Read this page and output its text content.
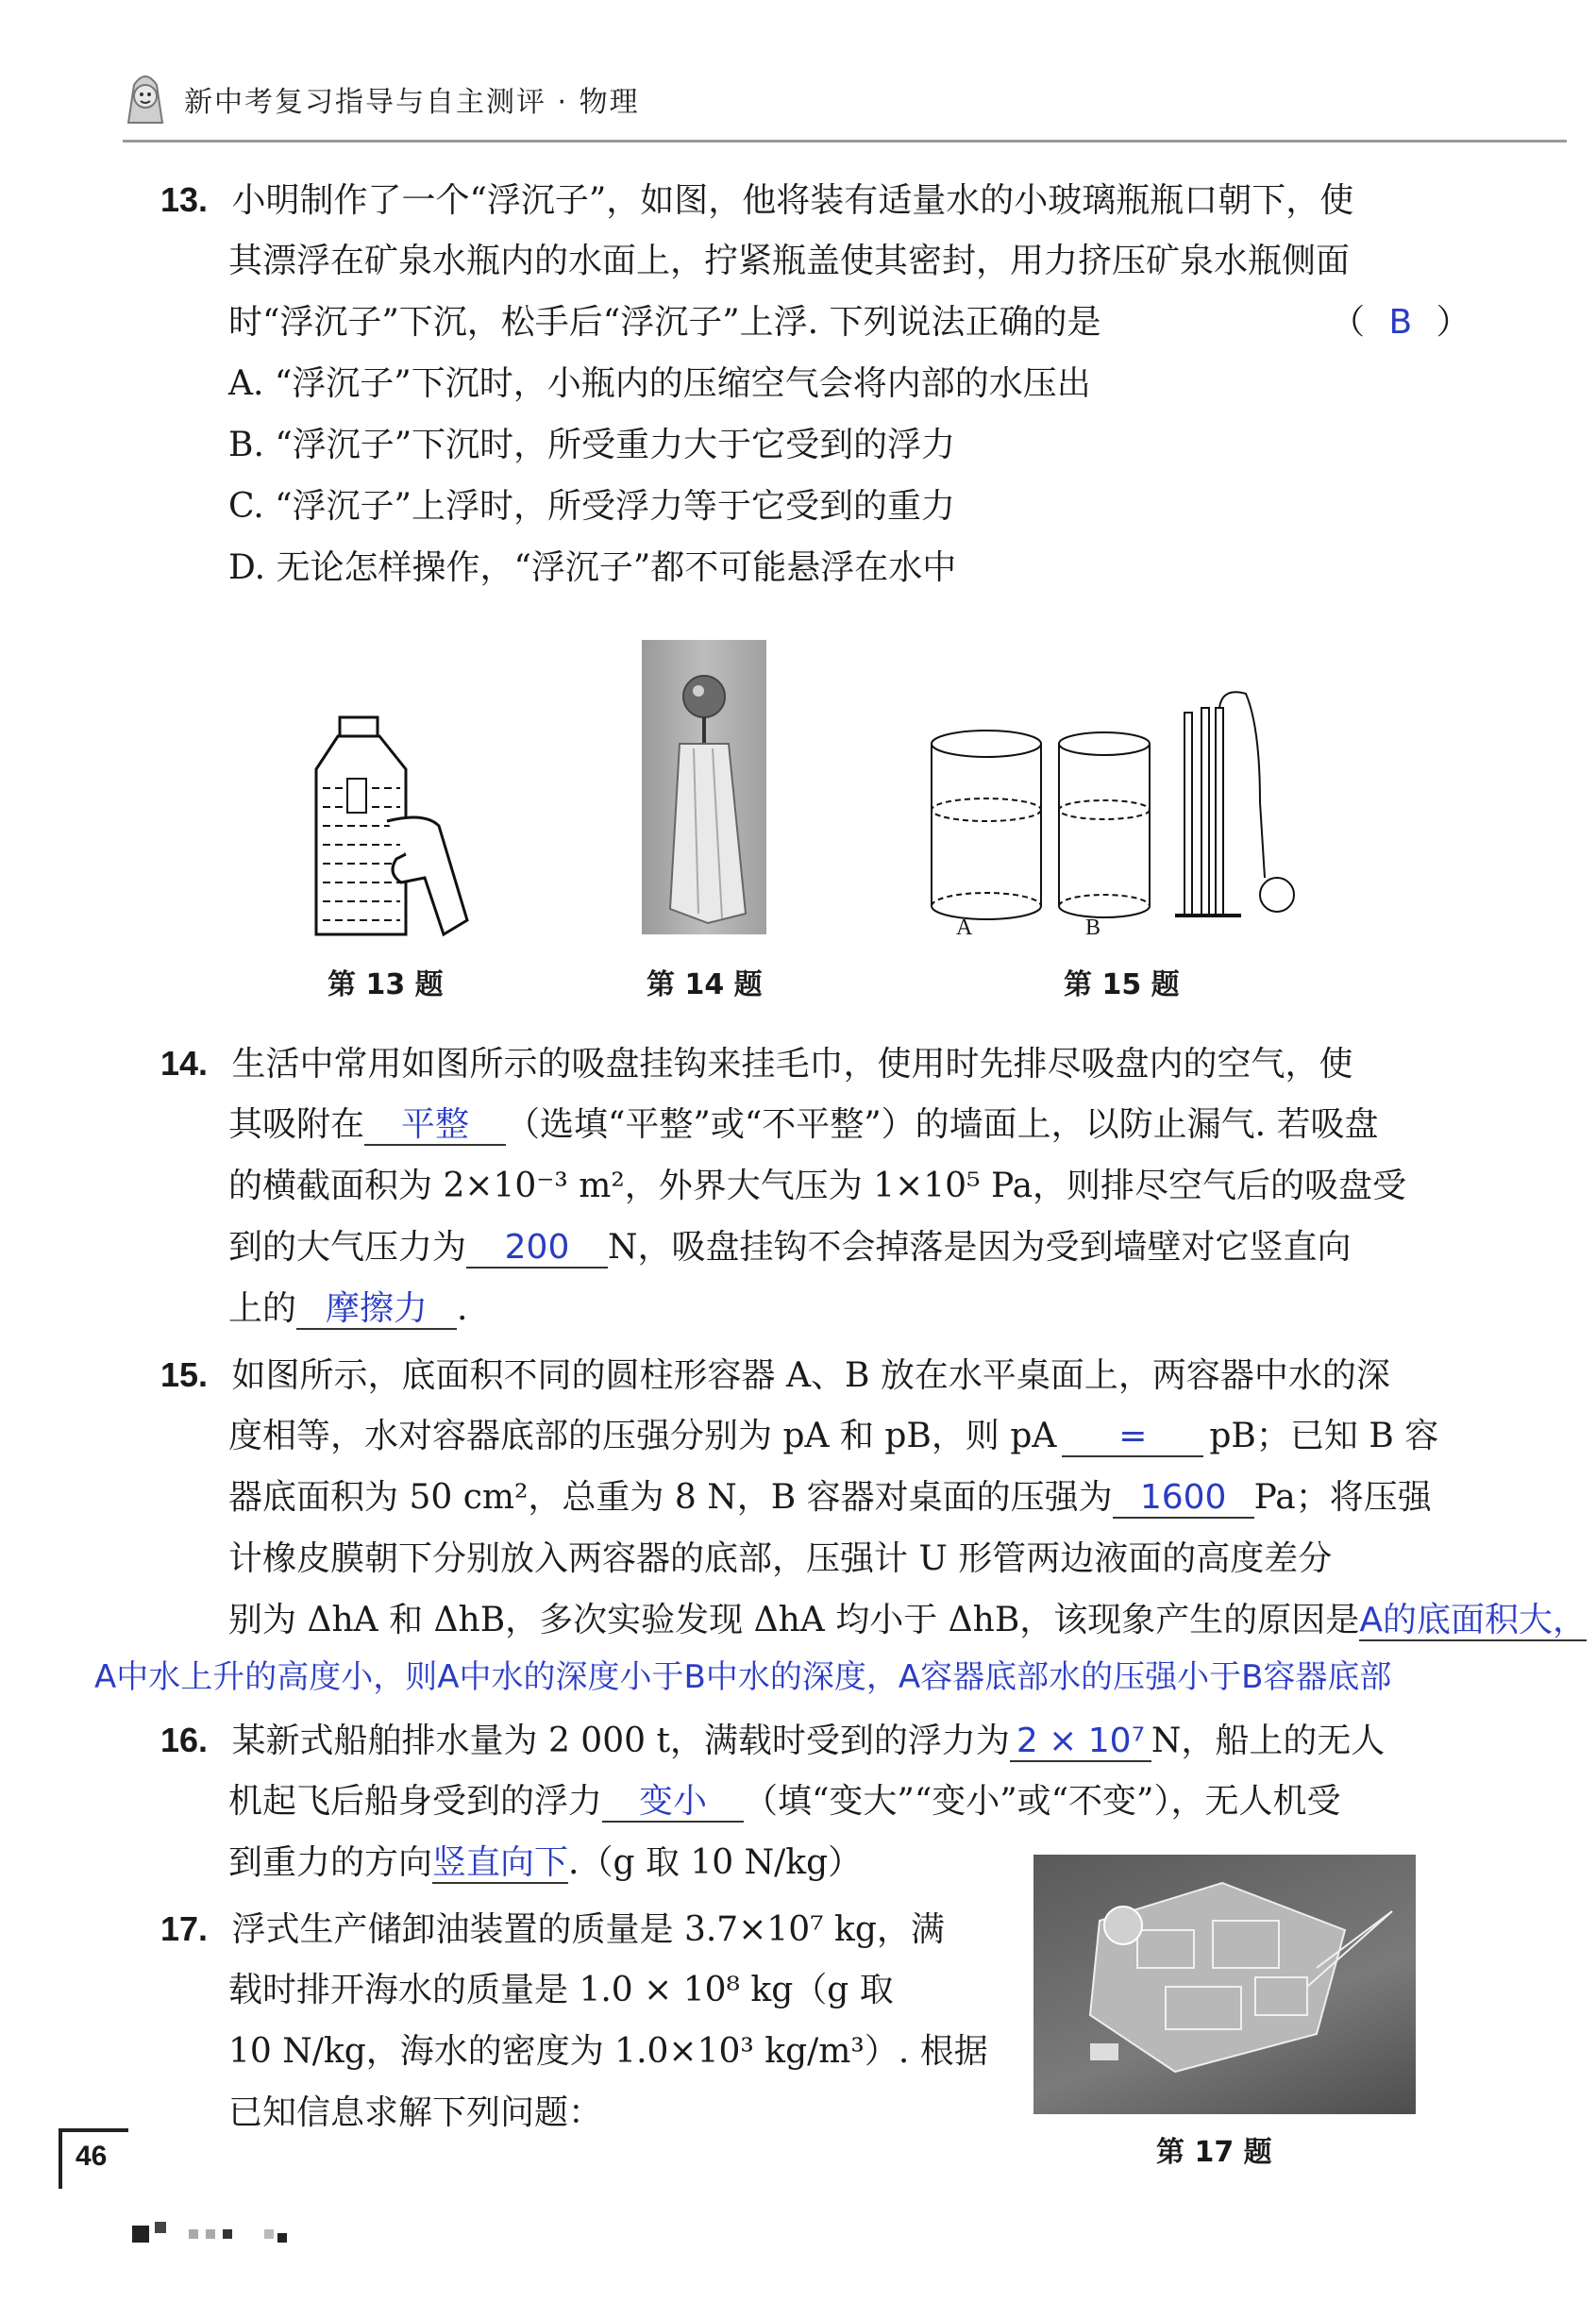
新中考复习指导与自主测评 · 物理
13. 小明制作了一个“浮沉子”，如图，他将装有适量水的小玻璃瓶瓶口朝下，使
其漂浮在矿泉水瓶内的水面上，拧紧瓶盖使其密封，用力挤压矿泉水瓶侧面
时“浮沉子”下沉，松手后“浮沉子”上浮. 下列说法正确的是	（ B ）
A. “浮沉子”下沉时，小瓶内的压缩空气会将内部的水压出
B. “浮沉子”下沉时，所受重力大于它受到的浮力
C. “浮沉子”上浮时，所受浮力等于它受到的重力
D. 无论怎样操作，“浮沉子”都不可能悬浮在水中
第 13 题	第 14 题
A	B
第 15 题
14. 生活中常用如图所示的吸盘挂钩来挂毛巾，使用时先排尽吸盘内的空气，使
其吸附在 平整 （选填“平整”或“不平整”）的墙面上，以防止漏气. 若吸盘
的横截面积为 2×10⁻³ m²，外界大气压为 1×10⁵ Pa，则排尽空气后的吸盘受
到的大气压力为 200 N，吸盘挂钩不会掉落是因为受到墙壁对它竖直向
上的 摩擦力 .
15. 如图所示，底面积不同的圆柱形容器 A、B 放在水平桌面上，两容器中水的深
度相等，水对容器底部的压强分别为 pA 和 pB，则 pA = pB；已知 B 容
器底面积为 50 cm²，总重为 8 N，B 容器对桌面的压强为 1600 Pa；将压强
计橡皮膜朝下分别放入两容器的底部，压强计 U 形管两边液面的高度差分
别为 ΔhA 和 ΔhB，多次实验发现 ΔhA 均小于 ΔhB，该现象产生的原因是A的底面积大，
A中水上升的高度小，则A中水的深度小于B中水的深度，A容器底部水的压强小于B容器底部
16. 某新式船舶排水量为 2 000 t，满载时受到的浮力为 2 × 10⁷ N，船上的无人
机起飞后船身受到的浮力 变小 （填“变大”“变小”或“不变”），无人机受
到重力的方向竖直向下.（g 取 10 N/kg）
17. 浮式生产储卸油装置的质量是 3.7×10⁷ kg，满
载时排开海水的质量是 1.0 × 10⁸ kg（g 取
10 N/kg，海水的密度为 1.0×10³ kg/m³）. 根据
已知信息求解下列问题：
第 17 题
46
